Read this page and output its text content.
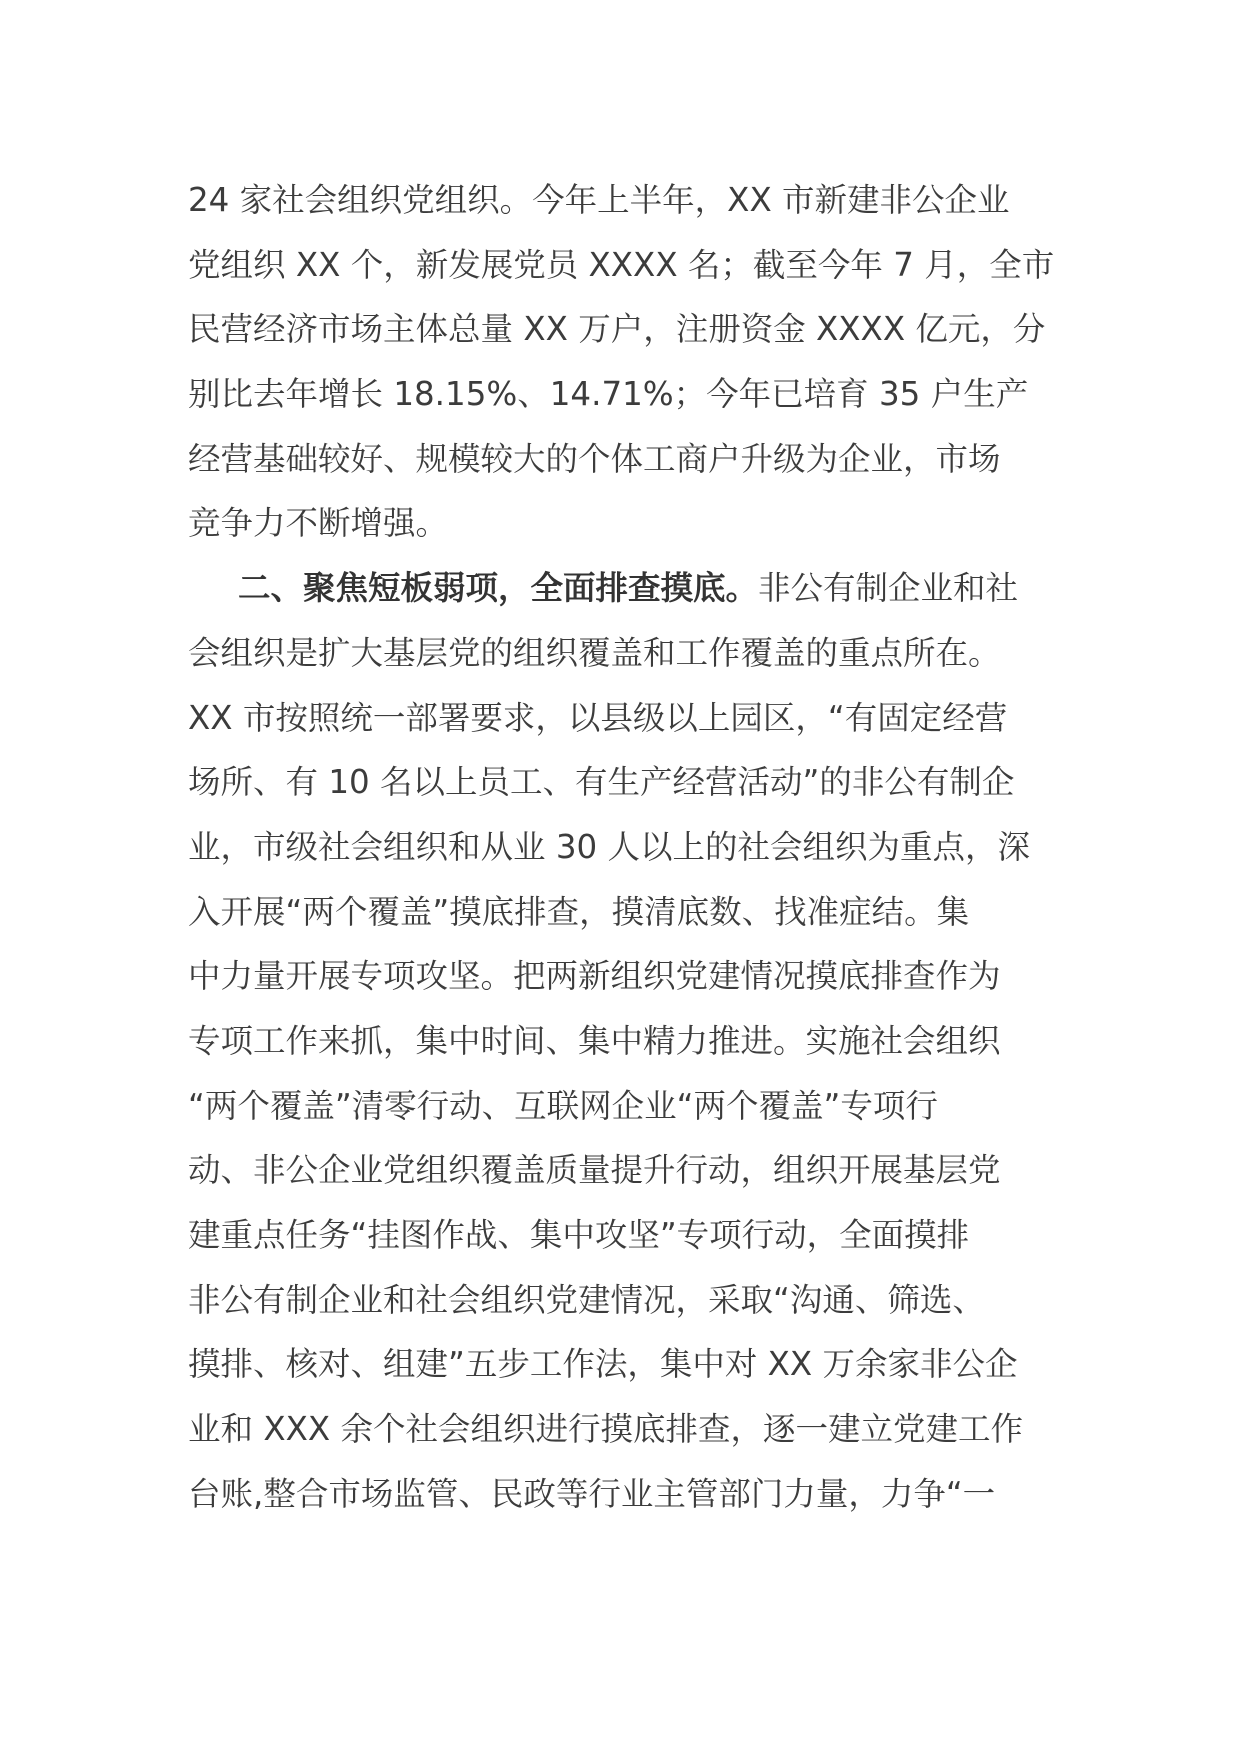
24 家社会组织党组织。今年上半年，XX 市新建非公企业
党组织 XX 个，新发展党员 XXXX 名；截至今年 7 月，全市
民营经济市场主体总量 XX 万户，注册资金 XXXX 亿元，分
别比去年增长 18.15%、14.71%；今年已培育 35 户生产
经营基础较好、规模较大的个体工商户升级为企业，市场
竞争力不断增强。
二、聚焦短板弱项，全面排查摸底。非公有制企业和社
会组织是扩大基层党的组织覆盖和工作覆盖的重点所在。
XX 市按照统一部署要求，以县级以上园区，“有固定经营
场所、有 10 名以上员工、有生产经营活动”的非公有制企
业，市级社会组织和从业 30 人以上的社会组织为重点，深
入开展“两个覆盖”摸底排查，摸清底数、找准症结。集
中力量开展专项攻坚。把两新组织党建情况摸底排查作为
专项工作来抓，集中时间、集中精力推进。实施社会组织
“两个覆盖”清零行动、互联网企业“两个覆盖”专项行
动、非公企业党组织覆盖质量提升行动，组织开展基层党
建重点任务“挂图作战、集中攻坚”专项行动，全面摸排
非公有制企业和社会组织党建情况，采取“沟通、筛选、
摸排、核对、组建”五步工作法，集中对 XX 万余家非公企
业和 XXX 余个社会组织进行摸底排查，逐一建立党建工作
台账,整合市场监管、民政等行业主管部门力量，力争“一
